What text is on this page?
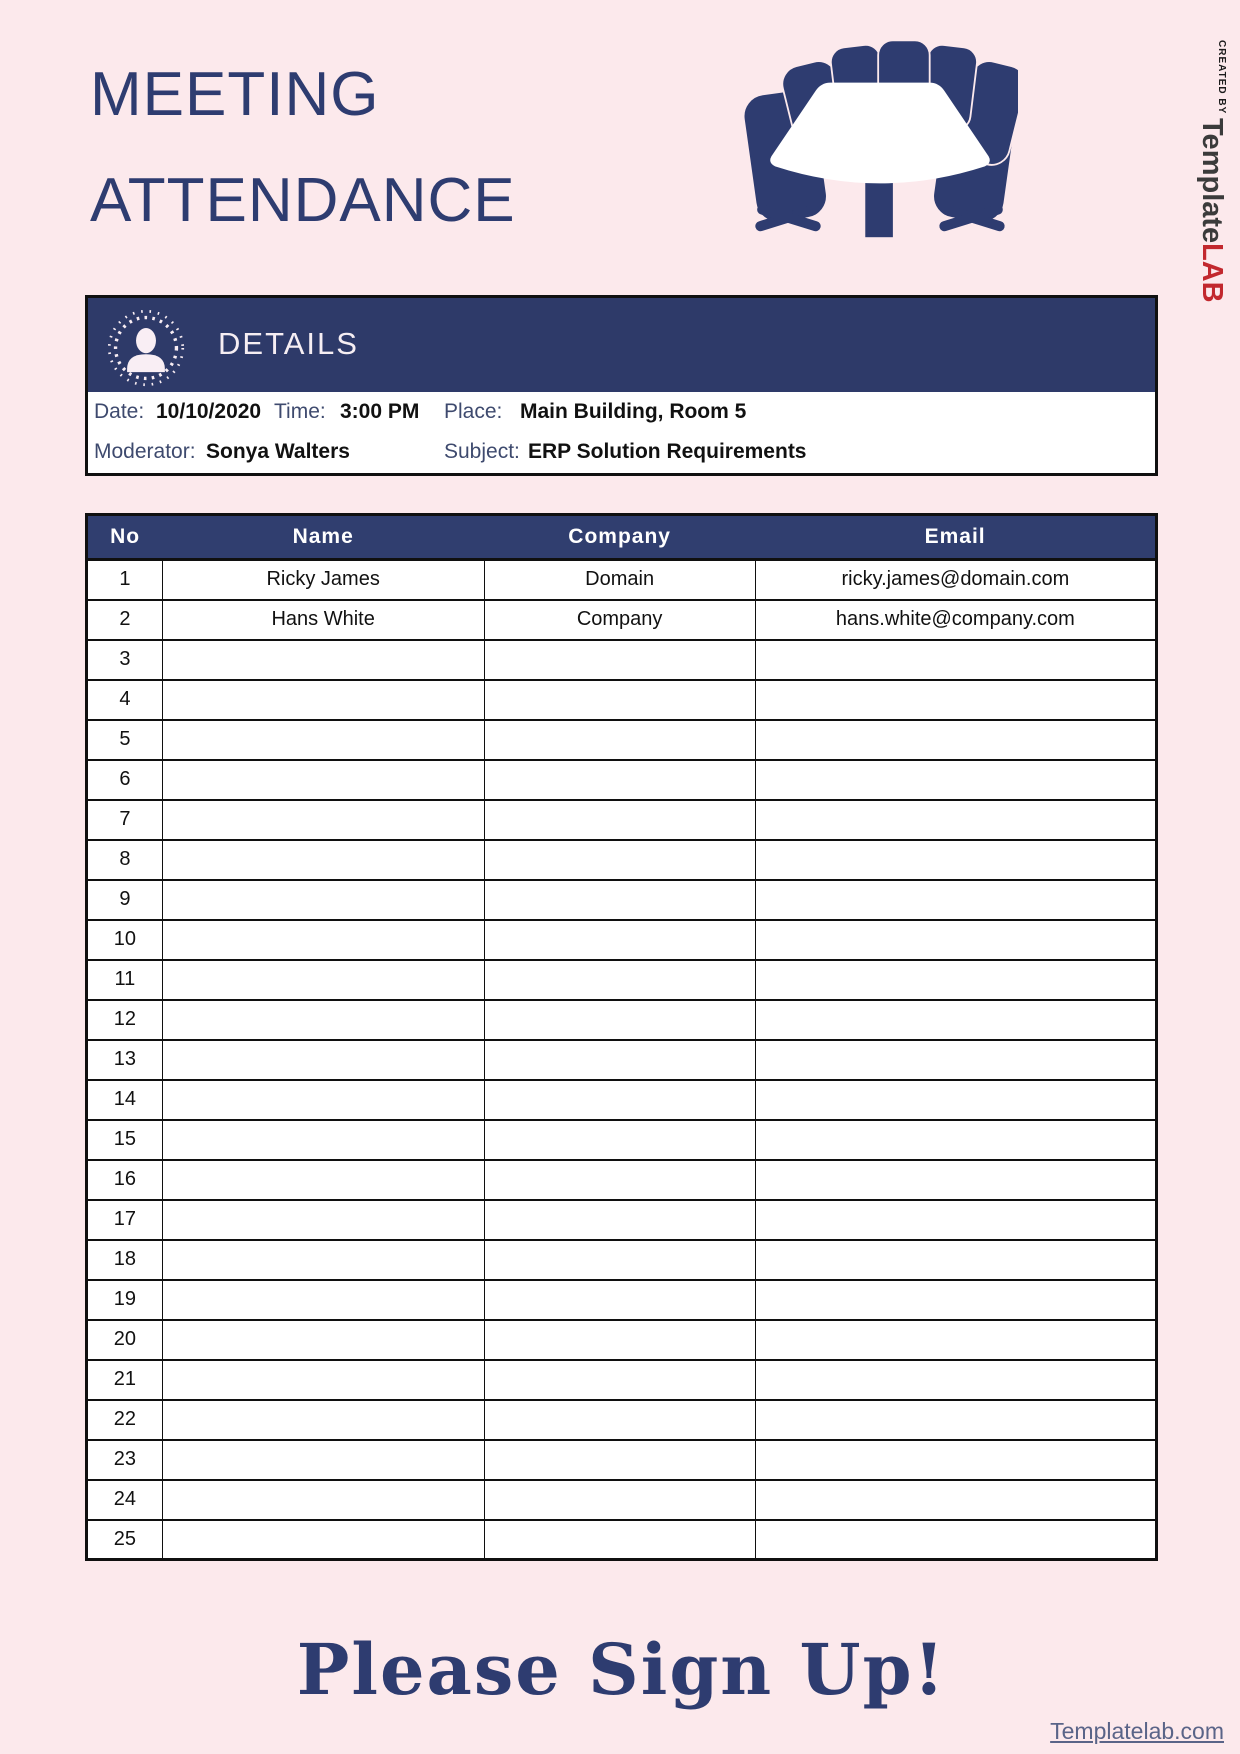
MEETING
ATTENDANCE
CREATED BY
Template
LAB
DETAILS
Date: 10/10/2020 Time: 3:00 PM Place: Main Building, Room 5
Moderator: Sonya Walters	Subject: ERP Solution Requirements
No	Name	Company	Email
1	Ricky James	Domain	ricky.james@domain.com
2	Hans White	Company	hans.white@company.com
3			
4			
5			
6			
7			
8			
9			
10			
11			
12			
13			
14			
15			
16			
17			
18			
19			
20			
21			
22			
23			
24			
25			
Please Sign Up!
Templatelab.com
